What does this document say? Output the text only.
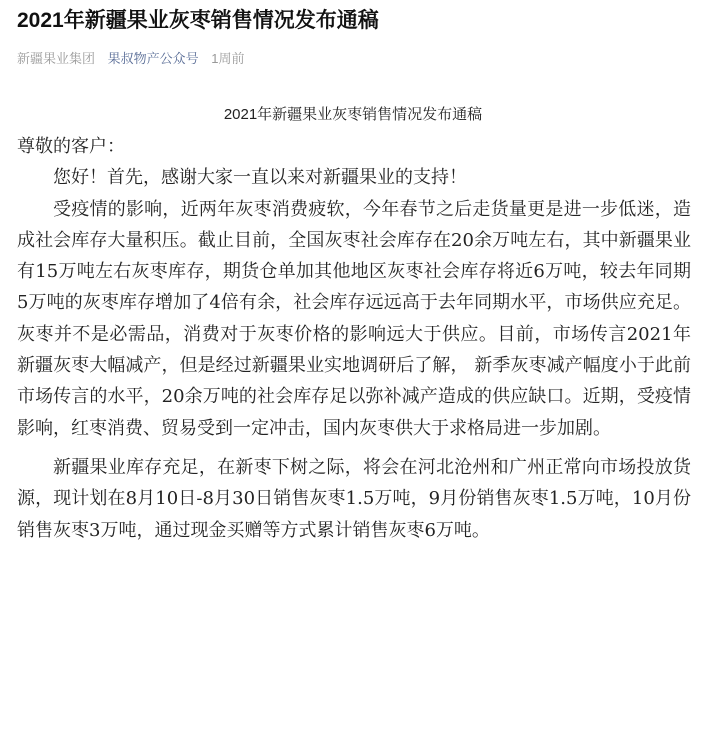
2021年新疆果业灰枣销售情况发布通稿
新疆果业集团 果叔物产公众号 1周前
2021年新疆果业灰枣销售情况发布通稿

尊敬的客户：

您好！首先，感谢大家一直以来对新疆果业的支持！

受疫情的影响，近两年灰枣消费疲软，今年春节之后走货量更是进一步低迷，造成社会库存大量积压。截止目前，全国灰枣社会库存在20余万吨左右，其中新疆果业有15万吨左右灰枣库存，期货仓单加其他地区灰枣社会库存将近6万吨，较去年同期5万吨的灰枣库存增加了4倍有余，社会库存远远高于去年同期水平，市场供应充足。灰枣并不是必需品，消费对于灰枣价格的影响远大于供应。目前，市场传言2021年新疆灰枣大幅减产，但是经过新疆果业实地调研后了解， 新季灰枣减产幅度小于此前市场传言的水平，20余万吨的社会库存足以弥补减产造成的供应缺口。近期，受疫情影响，红枣消费、贸易受到一定冲击，国内灰枣供大于求格局进一步加剧。

新疆果业库存充足，在新枣下树之际，将会在河北沧州和广州正常向市场投放货源，现计划在8月10日-8月30日销售灰枣1.5万吨，9月份销售灰枣1.5万吨，10月份销售灰枣3万吨，通过现金买赠等方式累计销售灰枣6万吨。
